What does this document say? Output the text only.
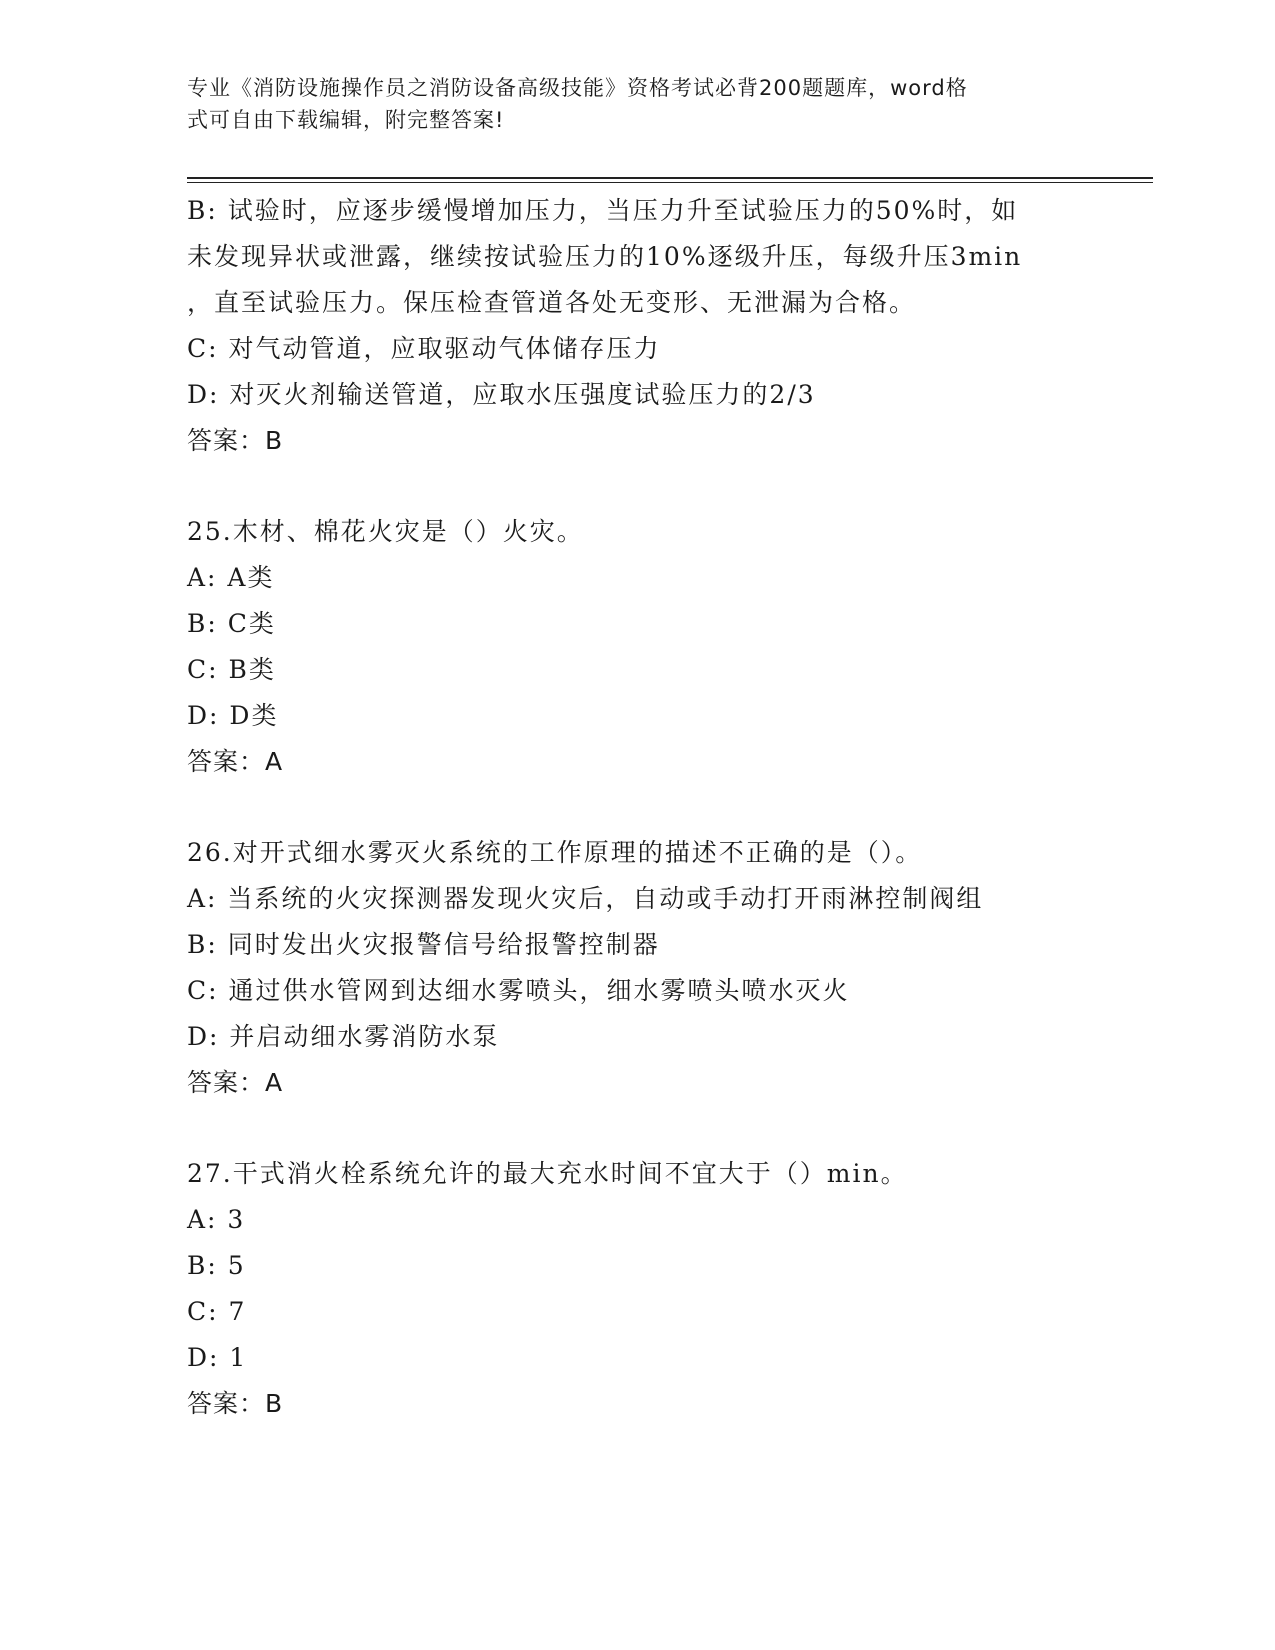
专业《消防设施操作员之消防设备高级技能》资格考试必背200题题库，word格
式可自由下载编辑，附完整答案!
B: 试验时，应逐步缓慢增加压力，当压力升至试验压力的50%时，如
未发现异状或泄露，继续按试验压力的10%逐级升压，每级升压3min
，直至试验压力。保压检查管道各处无变形、无泄漏为合格。
C: 对气动管道，应取驱动气体储存压力
D: 对灭火剂输送管道，应取水压强度试验压力的2/3
答案：B
25.木材、棉花火灾是（）火灾。
A: A类
B: C类
C: B类
D: D类
答案：A
26.对开式细水雾灭火系统的工作原理的描述不正确的是（）。
A: 当系统的火灾探测器发现火灾后，自动或手动打开雨淋控制阀组
B: 同时发出火灾报警信号给报警控制器
C: 通过供水管网到达细水雾喷头，细水雾喷头喷水灭火
D: 并启动细水雾消防水泵
答案：A
27.干式消火栓系统允许的最大充水时间不宜大于（）min。
A: 3
B: 5
C: 7
D: 1
答案：B
